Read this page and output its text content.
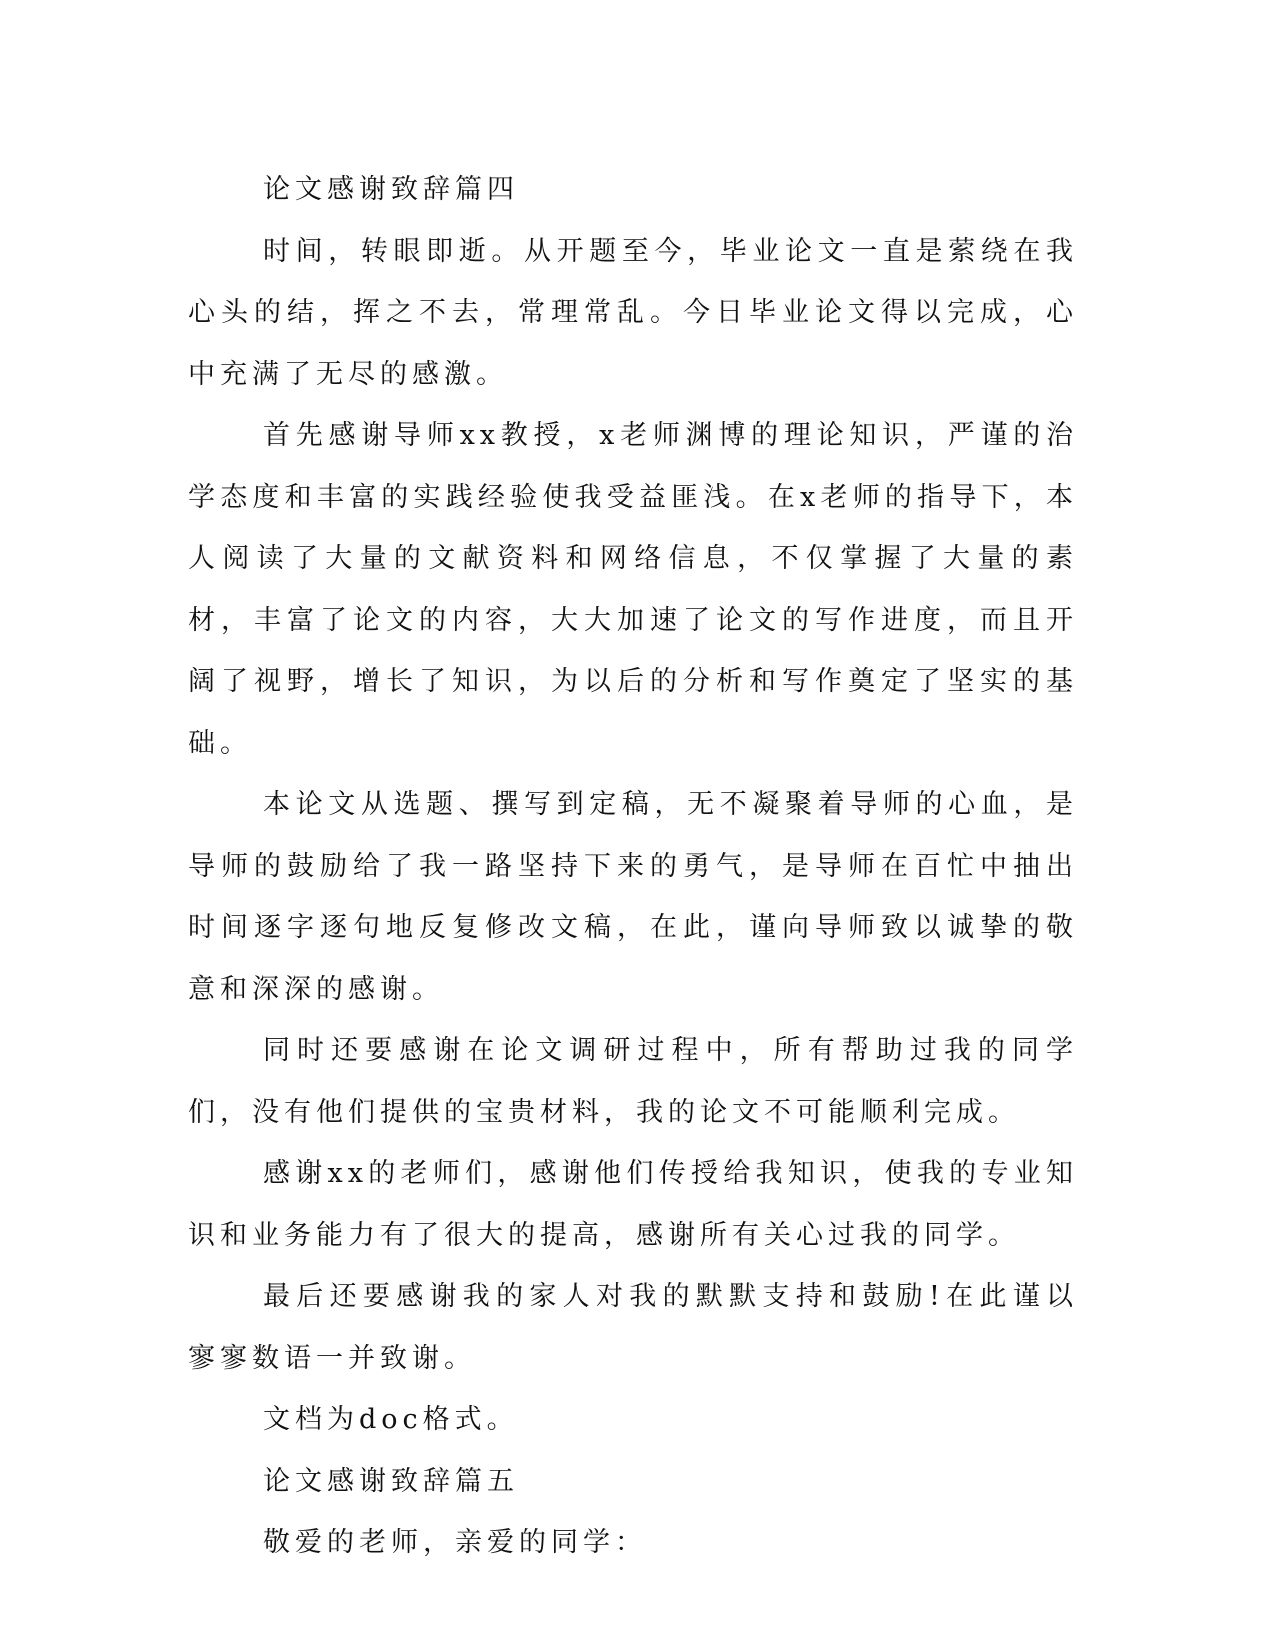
论文感谢致辞篇四

时间，转眼即逝。从开题至今，毕业论文一直是萦绕在我心头的结，挥之不去，常理常乱。今日毕业论文得以完成，心中充满了无尽的感激。

首先感谢导师xx教授，x老师渊博的理论知识，严谨的治学态度和丰富的实践经验使我受益匪浅。在x老师的指导下，本人阅读了大量的文献资料和网络信息，不仅掌握了大量的素材，丰富了论文的内容，大大加速了论文的写作进度，而且开阔了视野，增长了知识，为以后的分析和写作奠定了坚实的基础。

本论文从选题、撰写到定稿，无不凝聚着导师的心血，是导师的鼓励给了我一路坚持下来的勇气，是导师在百忙中抽出时间逐字逐句地反复修改文稿，在此，谨向导师致以诚挚的敬意和深深的感谢。

同时还要感谢在论文调研过程中，所有帮助过我的同学们，没有他们提供的宝贵材料，我的论文不可能顺利完成。

感谢xx的老师们，感谢他们传授给我知识，使我的专业知识和业务能力有了很大的提高，感谢所有关心过我的同学。

最后还要感谢我的家人对我的默默支持和鼓励!在此谨以寥寥数语一并致谢。

文档为doc格式。

论文感谢致辞篇五

敬爱的老师，亲爱的同学：
